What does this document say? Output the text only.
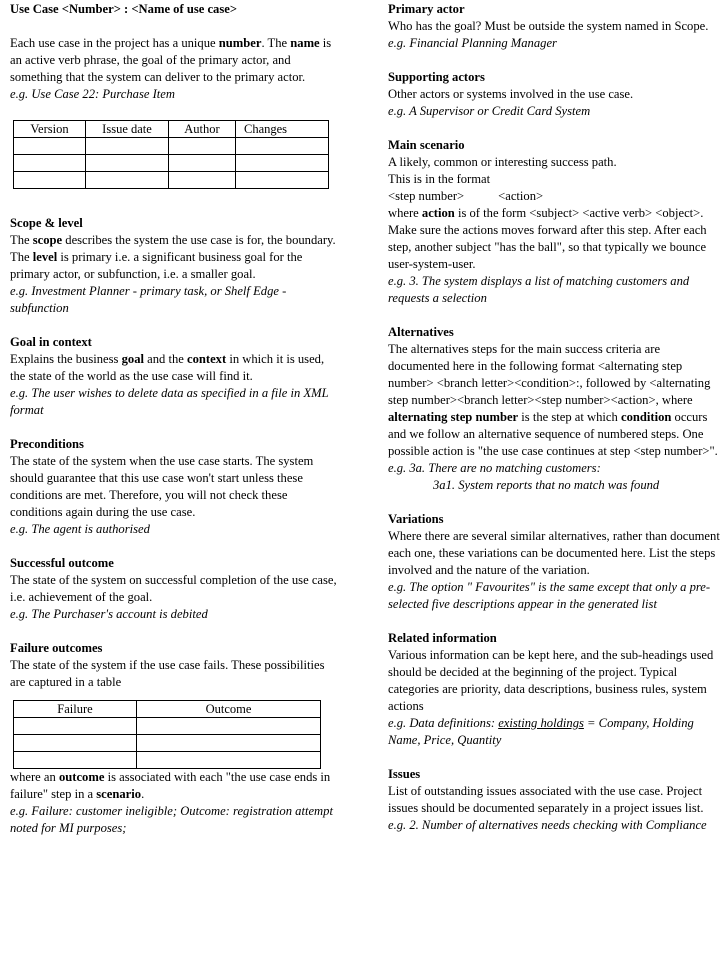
Use Case <Number> : <Name of use case>

Each use case in the project has a unique number. The name is an active verb phrase, the goal of the primary actor, and something that the system can deliver to the primary actor.

e.g. Use Case 22: Purchase Item

Version	Issue date	Author	Changes

Scope & level

The scope describes the system the use case is for, the boundary. The level is primary i.e. a significant business goal for the primary actor, or subfunction, i.e. a smaller goal.

e.g. Investment Planner - primary task, or Shelf Edge - subfunction

Goal in context

Explains the business goal and the context in which it is used, the state of the world as the use case will find it.

e.g. The user wishes to delete data as specified in a file in XML format

Preconditions

The state of the system when the use case starts. The system should guarantee that this use case won't start unless these conditions are met. Therefore, you will not check these conditions again during the use case.

e.g. The agent is authorised

Successful outcome

The state of the system on successful completion of the use case, i.e. achievement of the goal.

e.g. The Purchaser's account is debited

Failure outcomes

The state of the system if the use case fails. These possibilities are captured in a table

Failure	Outcome

where an outcome is associated with each "the use case ends in failure" step in a scenario.

e.g. Failure: customer ineligible; Outcome: registration attempt noted for MI purposes;

Primary actor

Who has the goal? Must be outside the system named in Scope.

e.g. Financial Planning Manager

Supporting actors

Other actors or systems involved in the use case.

e.g. A Supervisor or Credit Card System

Main scenario

A likely, common or interesting success path.

This is in the format

<step number>	<action>

where action is of the form <subject> <active verb> <object>. Make sure the actions moves forward after this step. After each step, another subject "has the ball", so that typically we bounce user-system-user.

e.g. 3. The system displays a list of matching customers and requests a selection

Alternatives

The alternatives steps for the main success criteria are documented here in the following format <alternating step number> <branch letter><condition>:, followed by <alternating step number><branch letter><step number><action>, where alternating step number is the step at which condition occurs and we follow an alternative sequence of numbered steps. One possible action is "the use case continues at step <step number>".

e.g. 3a. There are no matching customers:

3a1. System reports that no match was found

Variations

Where there are several similar alternatives, rather than document each one, these variations can be documented here. List the steps involved and the nature of the variation.

e.g. The option " Favourites" is the same except that only a pre-selected five descriptions appear in the generated list

Related information

Various information can be kept here, and the sub-headings used should be decided at the beginning of the project. Typical categories are priority, data descriptions, business rules, system actions

e.g. Data definitions: existing holdings = Company, Holding Name, Price, Quantity

Issues

List of outstanding issues associated with the use case. Project issues should be documented separately in a project issues list.

e.g. 2. Number of alternatives needs checking with Compliance
